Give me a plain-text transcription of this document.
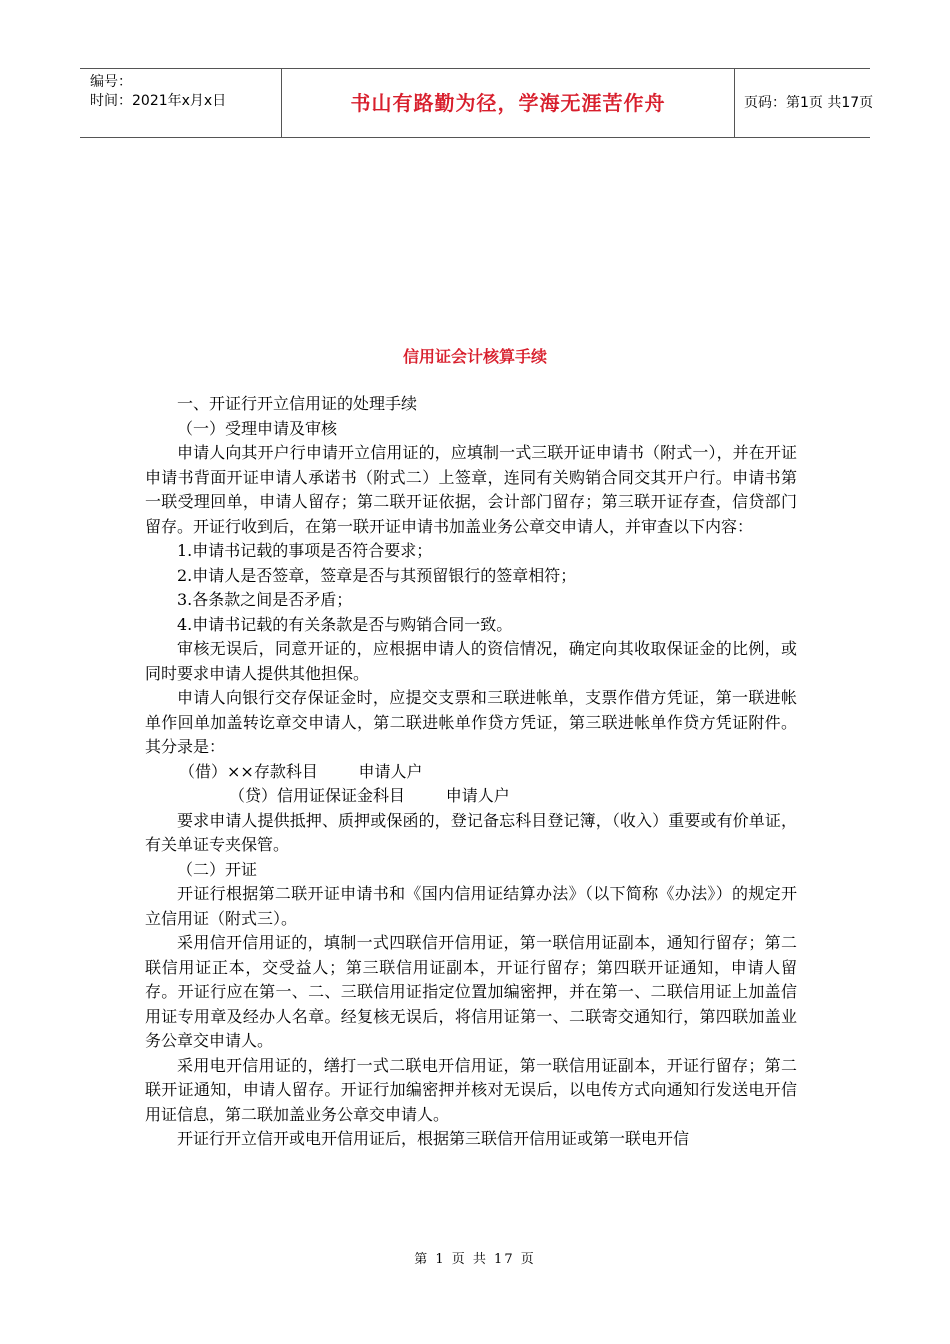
编号：
时间：2021年x月x日	书山有路勤为径，学海无涯苦作舟	页码：第1页 共17页
信用证会计核算手续

一、开证行开立信用证的处理手续

（一）受理申请及审核

申请人向其开户行申请开立信用证的，应填制一式三联开证申请书（附式一），并在开证申请书背面开证申请人承诺书（附式二）上签章，连同有关购销合同交其开户行。申请书第一联受理回单，申请人留存；第二联开证依据，会计部门留存；第三联开证存查，信贷部门留存。开证行收到后，在第一联开证申请书加盖业务公章交申请人，并审查以下内容：

1.申请书记载的事项是否符合要求；

2.申请人是否签章，签章是否与其预留银行的签章相符；

3.各条款之间是否矛盾；

4.申请书记载的有关条款是否与购销合同一致。

审核无误后，同意开证的，应根据申请人的资信情况，确定向其收取保证金的比例，或同时要求申请人提供其他担保。

申请人向银行交存保证金时，应提交支票和三联进帐单，支票作借方凭证，第一联进帐单作回单加盖转讫章交申请人，第二联进帐单作贷方凭证，第三联进帐单作贷方凭证附件。其分录是：

（借）××存款科目        申请人户

（贷）信用证保证金科目        申请人户

要求申请人提供抵押、质押或保函的，登记备忘科目登记簿，（收入）重要或有价单证，有关单证专夹保管。

（二）开证

开证行根据第二联开证申请书和《国内信用证结算办法》（以下简称《办法》）的规定开立信用证（附式三）。

采用信开信用证的，填制一式四联信开信用证，第一联信用证副本，通知行留存；第二联信用证正本，交受益人；第三联信用证副本，开证行留存；第四联开证通知，申请人留存。开证行应在第一、二、三联信用证指定位置加编密押，并在第一、二联信用证上加盖信用证专用章及经办人名章。经复核无误后，将信用证第一、二联寄交通知行，第四联加盖业务公章交申请人。

采用电开信用证的，缮打一式二联电开信用证，第一联信用证副本，开证行留存；第二联开证通知，申请人留存。开证行加编密押并核对无误后，以电传方式向通知行发送电开信用证信息，第二联加盖业务公章交申请人。

开证行开立信开或电开信用证后，根据第三联信开信用证或第一联电开信

第 1 页 共 17 页
